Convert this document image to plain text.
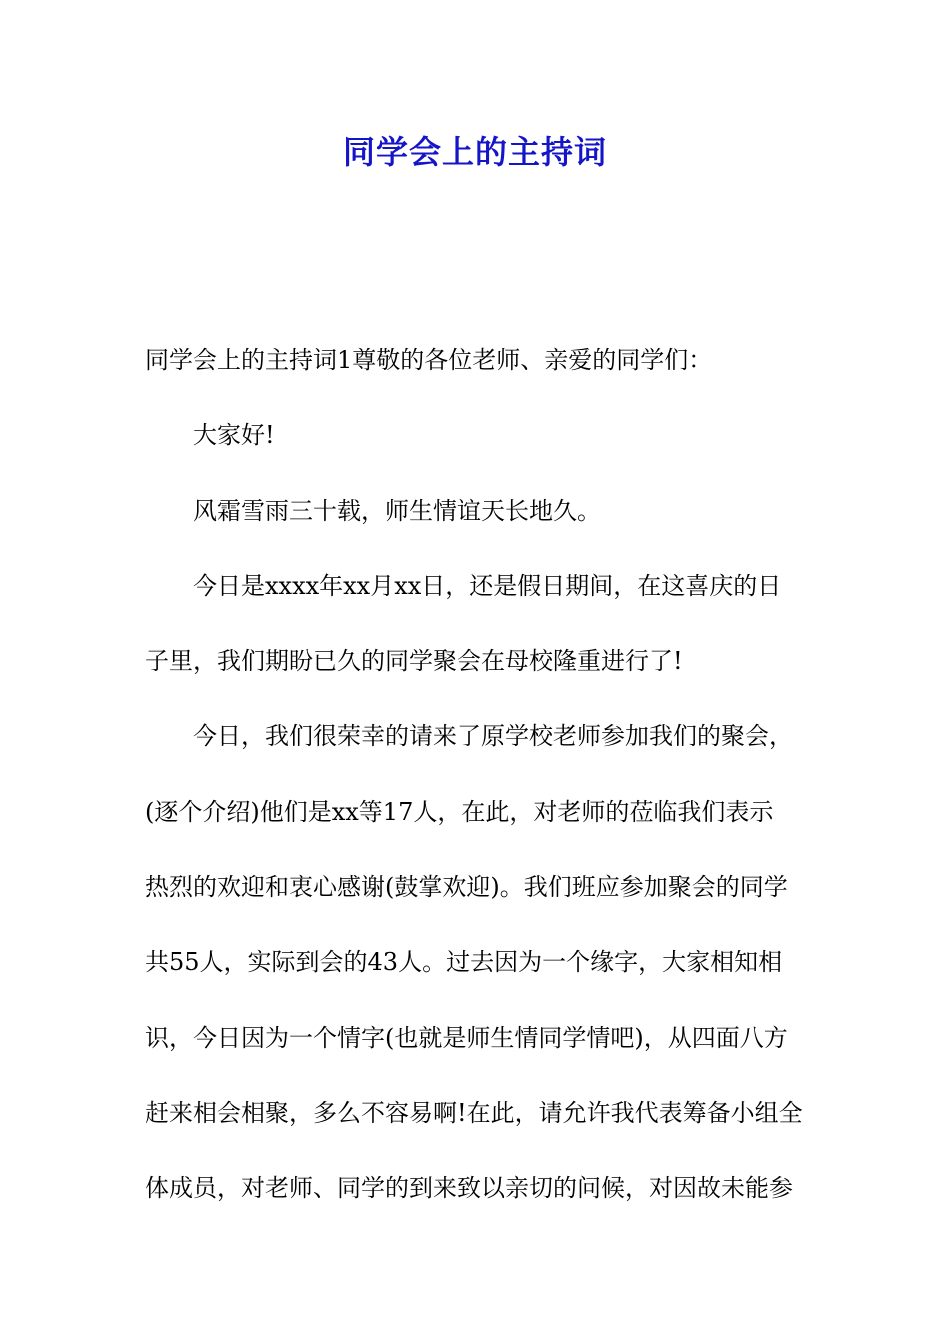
同学会上的主持词
同学会上的主持词1尊敬的各位老师、亲爱的同学们：
大家好!
风霜雪雨三十载，师生情谊天长地久。
今日是xxxx年xx月xx日，还是假日期间，在这喜庆的日
子里，我们期盼已久的同学聚会在母校隆重进行了!
今日，我们很荣幸的请来了原学校老师参加我们的聚会，
(逐个介绍)他们是xx等17人，在此，对老师的莅临我们表示
热烈的欢迎和衷心感谢(鼓掌欢迎)。我们班应参加聚会的同学
共55人，实际到会的43人。过去因为一个缘字，大家相知相
识，今日因为一个情字(也就是师生情同学情吧)，从四面八方
赶来相会相聚，多么不容易啊!在此，请允许我代表筹备小组全
体成员，对老师、同学的到来致以亲切的问候，对因故未能参
